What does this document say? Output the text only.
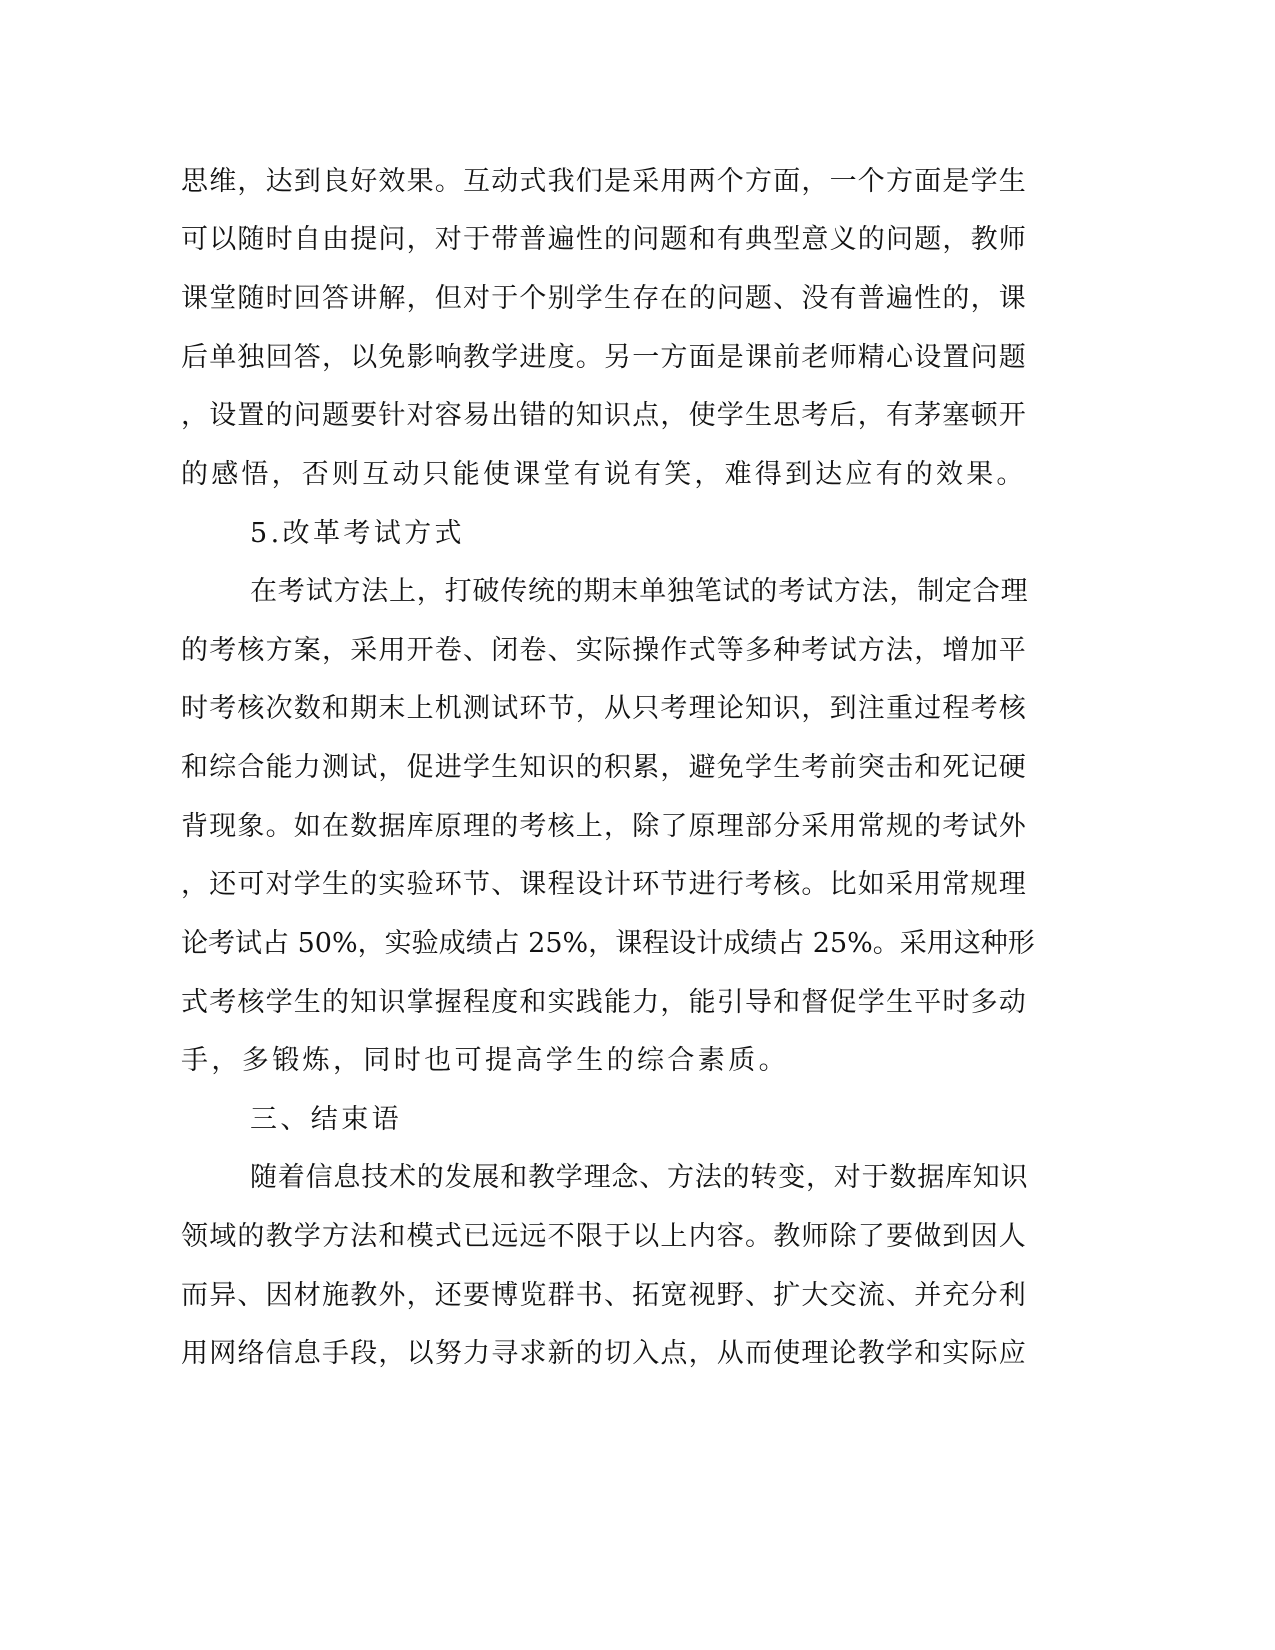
思维，达到良好效果。互动式我们是采用两个方面，一个方面是学生
可以随时自由提问，对于带普遍性的问题和有典型意义的问题，教师
课堂随时回答讲解，但对于个别学生存在的问题、没有普遍性的，课
后单独回答，以免影响教学进度。另一方面是课前老师精心设置问题
，设置的问题要针对容易出错的知识点，使学生思考后，有茅塞顿开
的感悟，否则互动只能使课堂有说有笑，难得到达应有的效果。
5.改革考试方式
在考试方法上，打破传统的期末单独笔试的考试方法，制定合理
的考核方案，采用开卷、闭卷、实际操作式等多种考试方法，增加平
时考核次数和期末上机测试环节，从只考理论知识，到注重过程考核
和综合能力测试，促进学生知识的积累，避免学生考前突击和死记硬
背现象。如在数据库原理的考核上，除了原理部分采用常规的考试外
，还可对学生的实验环节、课程设计环节进行考核。比如采用常规理
论考试占 50%，实验成绩占 25%，课程设计成绩占 25%。采用这种形
式考核学生的知识掌握程度和实践能力，能引导和督促学生平时多动
手，多锻炼，同时也可提高学生的综合素质。
三、结束语
随着信息技术的发展和教学理念、方法的转变，对于数据库知识
领域的教学方法和模式已远远不限于以上内容。教师除了要做到因人
而异、因材施教外，还要博览群书、拓宽视野、扩大交流、并充分利
用网络信息手段，以努力寻求新的切入点，从而使理论教学和实际应
